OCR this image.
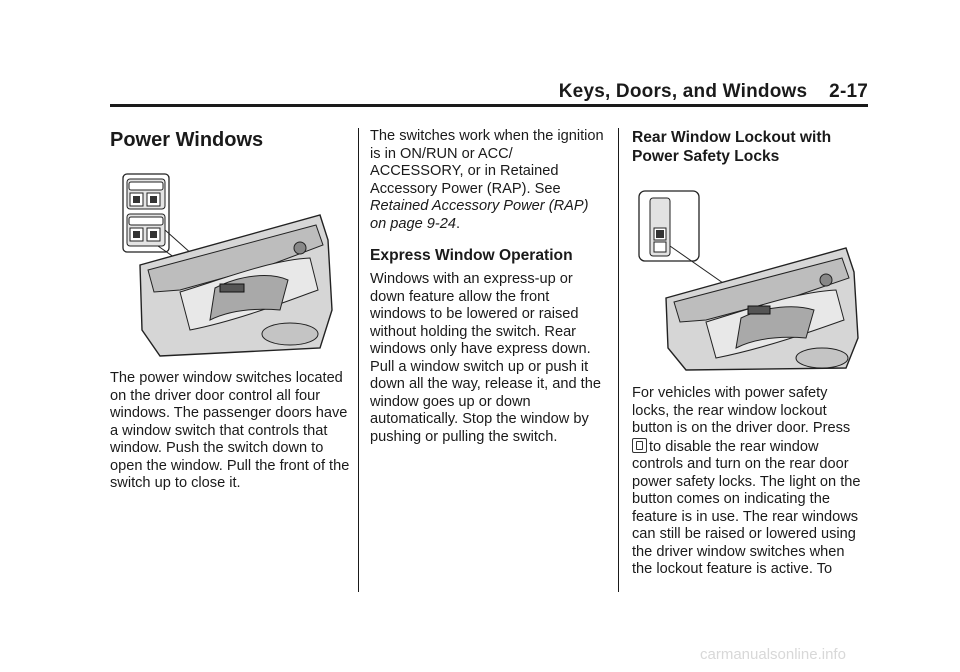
Keys, Doors, and Windows 2-17

Power Windows

The power window switches located on the driver door control all four windows. The passenger doors have a window switch that controls that window. Push the switch down to open the window. Pull the front of the switch up to close it.

The switches work when the ignition is in ON/RUN or ACC/ ACCESSORY, or in Retained Accessory Power (RAP). See Retained Accessory Power (RAP) on page 9-24.

Express Window Operation

Windows with an express-up or down feature allow the front windows to be lowered or raised without holding the switch. Rear windows only have express down. Pull a window switch up or push it down all the way, release it, and the window goes up or down automatically. Stop the window by pushing or pulling the switch.

Rear Window Lockout with Power Safety Locks

For vehicles with power safety locks, the rear window lockout button is on the driver door. Press to disable the rear window controls and turn on the rear door power safety locks. The light on the button comes on indicating the feature is in use. The rear windows can still be raised or lowered using the driver window switches when the lockout feature is active. To

carmanualsonline.info
